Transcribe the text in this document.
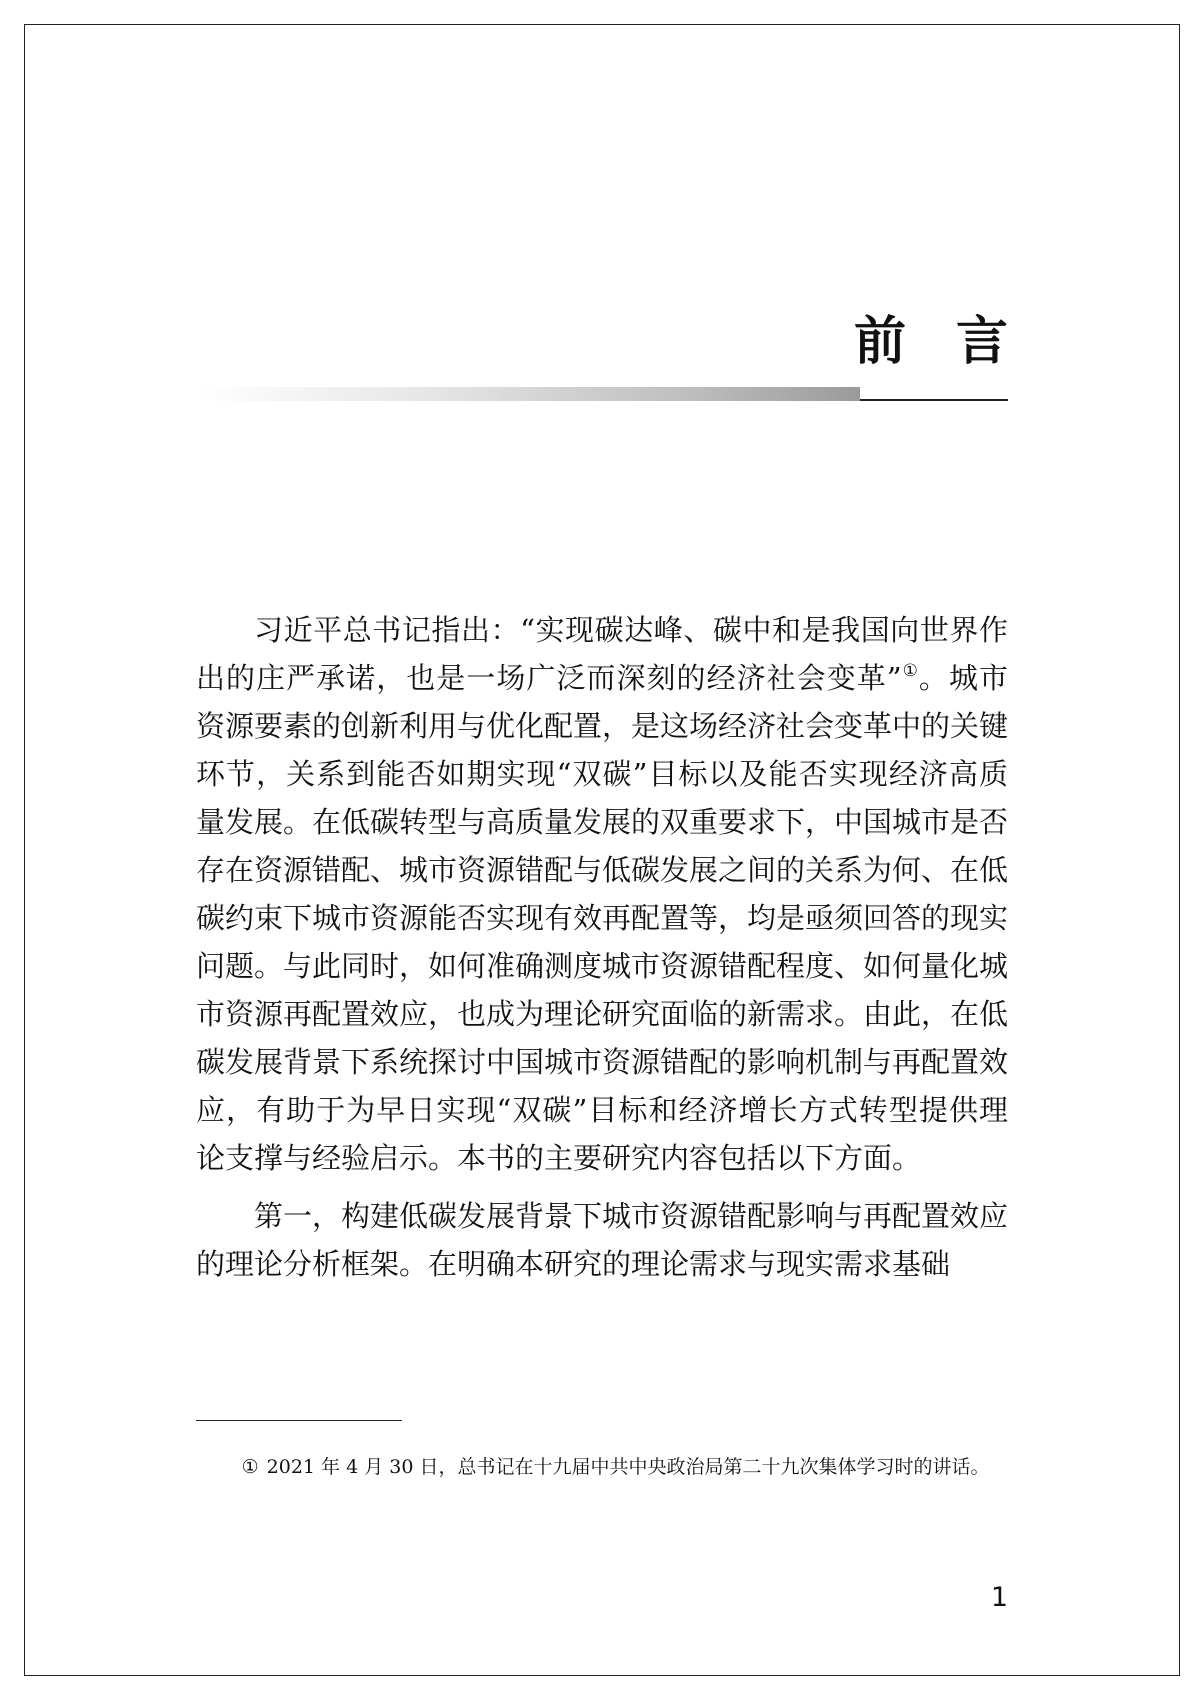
前言

习近平总书记指出：“实现碳达峰、碳中和是我国向世界作出的庄严承诺，也是一场广泛而深刻的经济社会变革”①。城市资源要素的创新利用与优化配置，是这场经济社会变革中的关键环节，关系到能否如期实现“双碳”目标以及能否实现经济高质量发展。在低碳转型与高质量发展的双重要求下，中国城市是否存在资源错配、城市资源错配与低碳发展之间的关系为何、在低碳约束下城市资源能否实现有效再配置等，均是亟须回答的现实问题。与此同时，如何准确测度城市资源错配程度、如何量化城市资源再配置效应，也成为理论研究面临的新需求。由此，在低碳发展背景下系统探讨中国城市资源错配的影响机制与再配置效应，有助于为早日实现“双碳”目标和经济增长方式转型提供理论支撑与经验启示。本书的主要研究内容包括以下方面。

第一，构建低碳发展背景下城市资源错配影响与再配置效应的理论分析框架。在明确本研究的理论需求与现实需求基础

① 2021 年 4 月 30 日，总书记在十九届中共中央政治局第二十九次集体学习时的讲话。
1
